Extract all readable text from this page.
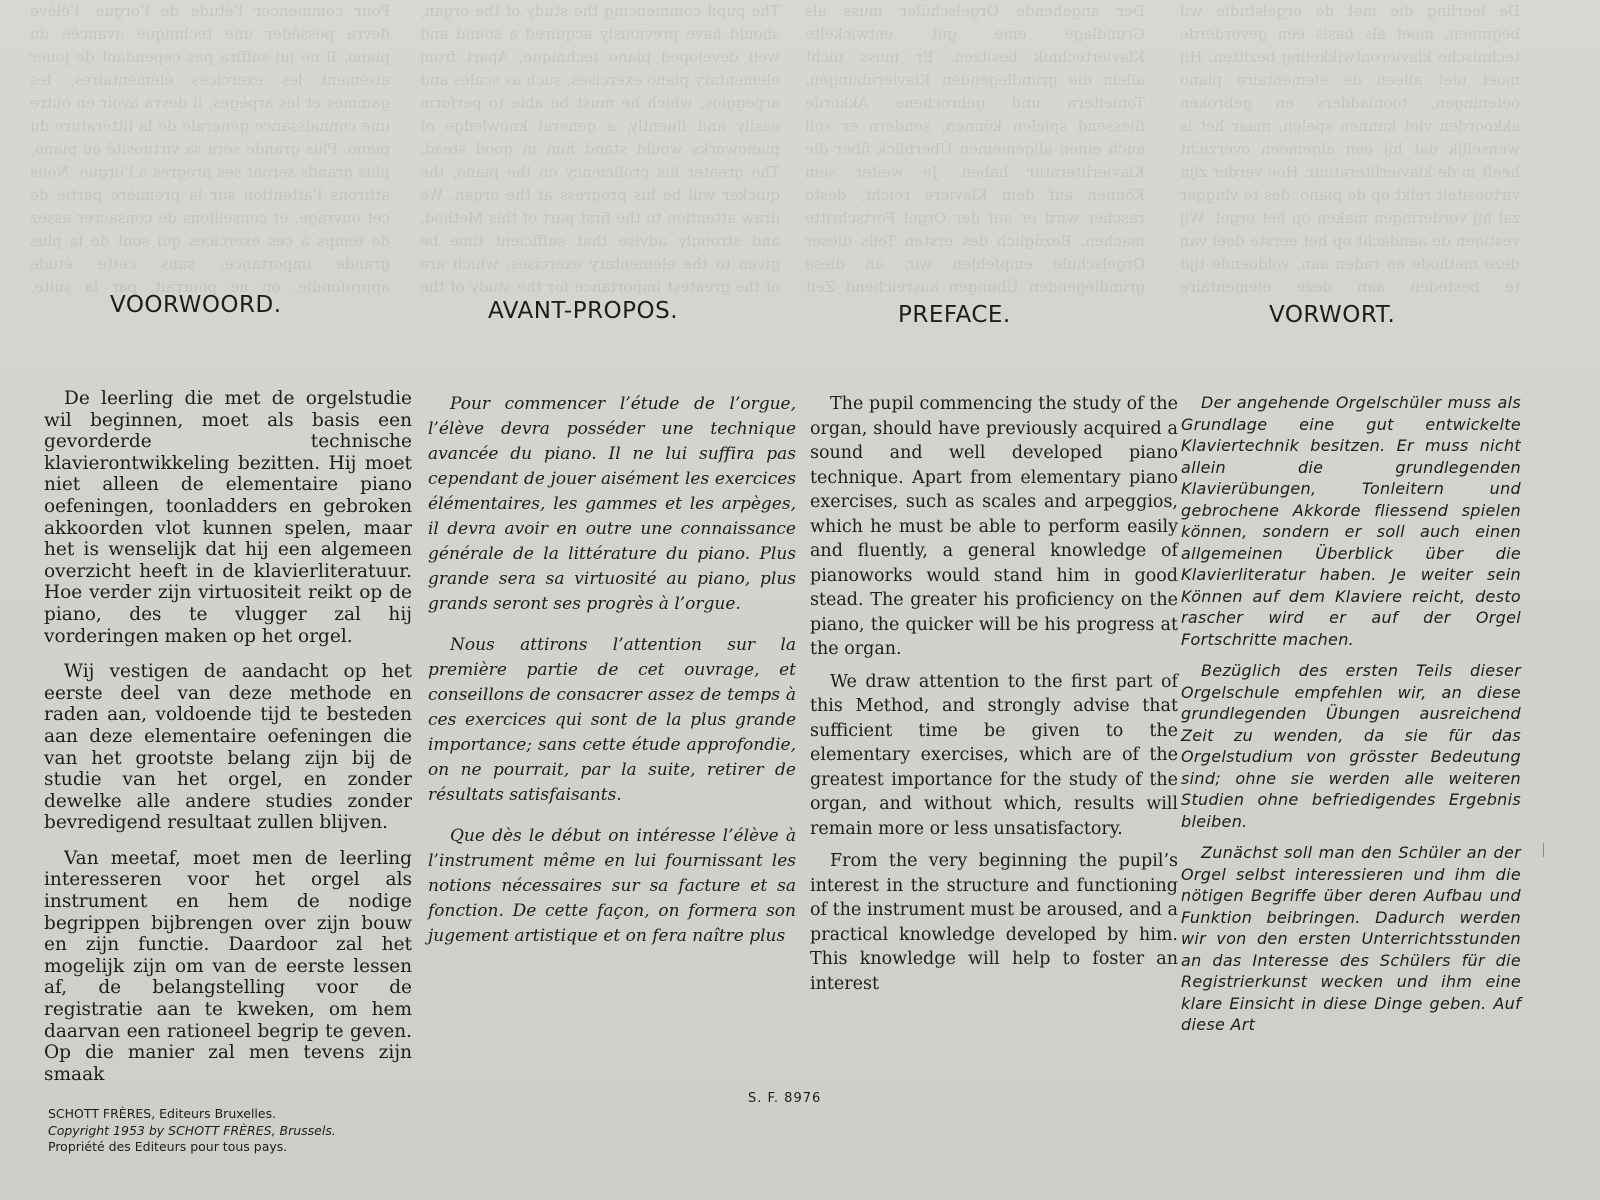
Pour commencer l’étude de l’orgue, l’élève devra posséder une technique avancée du piano. Il ne lui suffira pas cependant de jouer aisément les exercices élémentaires, les gammes et les arpèges, il devra avoir en outre une connaissance générale de la littérature du piano. Plus grande sera sa virtuosité au piano, plus grands seront ses progrès à l’orgue. Nous attirons l’attention sur la première partie de cet ouvrage, et conseillons de consacrer assez de temps à ces exercices qui sont de la plus grande importance; sans cette étude approfondie, on ne pourrait, par la suite,

The pupil commencing the study of the organ, should have previously acquired a sound and well developed piano technique. Apart from elementary piano exercises, such as scales and arpeggios, which he must be able to perform easily and fluently, a general knowledge of pianoworks would stand him in good stead. The greater his proficiency on the piano, the quicker will be his progress at the organ. We draw attention to the first part of this Method, and strongly advise that sufficient time be given to the elementary exercises, which are of the greatest importance for the study of the

Der angehende Orgelschüler muss als Grundlage eine gut entwickelte Klaviertechnik besitzen. Er muss nicht allein die grundlegenden Klavierübungen, Tonleitern und gebrochene Akkorde fliessend spielen können, sondern er soll auch einen allgemeinen Überblick über die Klavierliteratur haben. Je weiter sein Können auf dem Klaviere reicht, desto rascher wird er auf der Orgel Fortschritte machen. Bezüglich des ersten Teils dieser Orgelschule empfehlen wir, an diese grundlegenden Übungen ausreichend Zeit

De leerling die met de orgelstudie wil beginnen, moet als basis een gevorderde technische klavierontwikkeling bezitten. Hij moet niet alleen de elementaire piano oefeningen, toonladders en gebroken akkoorden vlot kunnen spelen, maar het is wenselijk dat hij een algemeen overzicht heeft in de klavierliteratuur. Hoe verder zijn virtuositeit reikt op de piano, des te vlugger zal hij vorderingen maken op het orgel. Wij vestigen de aandacht op het eerste deel van deze methode en raden aan, voldoende tijd te besteden aan deze elementaire

VOORWOORD.

De leerling die met de orgelstudie wil beginnen, moet als basis een gevorderde technische klavierontwikkeling bezitten. Hij moet niet alleen de elementaire piano oefeningen, toonladders en gebroken akkoorden vlot kunnen spelen, maar het is wenselijk dat hij een algemeen overzicht heeft in de klavierliteratuur. Hoe verder zijn virtuositeit reikt op de piano, des te vlugger zal hij vorderingen maken op het orgel.

Wij vestigen de aandacht op het eerste deel van deze methode en raden aan, voldoende tijd te besteden aan deze elementaire oefeningen die van het grootste belang zijn bij de studie van het orgel, en zonder dewelke alle andere studies zonder bevredigend resultaat zullen blijven.

Van meetaf, moet men de leerling interesseren voor het orgel als instrument en hem de nodige begrippen bijbrengen over zijn bouw en zijn functie. Daardoor zal het mogelijk zijn om van de eerste lessen af, de belangstelling voor de registratie aan te kweken, om hem daarvan een rationeel begrip te geven. Op die manier zal men tevens zijn smaak

AVANT-PROPOS.

Pour commencer l’étude de l’orgue, l’élève devra posséder une technique avancée du piano. Il ne lui suffira pas cependant de jouer aisément les exercices élémentaires, les gammes et les arpèges, il devra avoir en outre une connaissance générale de la littérature du piano. Plus grande sera sa virtuosité au piano, plus grands seront ses progrès à l’orgue.

Nous attirons l’attention sur la première partie de cet ouvrage, et conseillons de consacrer assez de temps à ces exercices qui sont de la plus grande importance; sans cette étude approfondie, on ne pourrait, par la suite, retirer de résultats satisfaisants.

Que dès le début on intéresse l’élève à l’instrument même en lui fournissant les notions nécessaires sur sa facture et sa fonction. De cette façon, on formera son jugement artistique et on fera naître plus

PREFACE.

The pupil commencing the study of the organ, should have previously acquired a sound and well developed piano technique. Apart from elementary piano exercises, such as scales and arpeggios, which he must be able to perform easily and fluently, a general knowledge of pianoworks would stand him in good stead. The greater his proficiency on the piano, the quicker will be his progress at the organ.

We draw attention to the first part of this Method, and strongly advise that sufficient time be given to the elementary exercises, which are of the greatest importance for the study of the organ, and without which, results will remain more or less unsatisfactory.

From the very beginning the pupil’s interest in the structure and functioning of the instrument must be aroused, and a practical knowledge developed by him. This knowledge will help to foster an interest

VORWORT.

Der angehende Orgelschüler muss als Grundlage eine gut entwickelte Klaviertechnik besitzen. Er muss nicht allein die grundlegenden Klavierübungen, Tonleitern und gebrochene Akkorde fliessend spielen können, sondern er soll auch einen allgemeinen Überblick über die Klavierliteratur haben. Je weiter sein Können auf dem Klaviere reicht, desto rascher wird er auf der Orgel Fortschritte machen.

Bezüglich des ersten Teils dieser Orgelschule empfehlen wir, an diese grundlegenden Übungen ausreichend Zeit zu wenden, da sie für das Orgelstudium von grösster Bedeutung sind; ohne sie werden alle weiteren Studien ohne befriedigendes Ergebnis bleiben.

Zunächst soll man den Schüler an der Orgel selbst interessieren und ihm die nötigen Begriffe über deren Aufbau und Funktion beibringen. Dadurch werden wir von den ersten Unterrichtsstunden an das Interesse des Schülers für die Registrierkunst wecken und ihm eine klare Einsicht in diese Dinge geben. Auf diese Art

SCHOTT FRÈRES, Editeurs Bruxelles.
Copyright 1953 by SCHOTT FRÈRES, Brussels.
Propriété des Editeurs pour tous pays.
S. F. 8976
